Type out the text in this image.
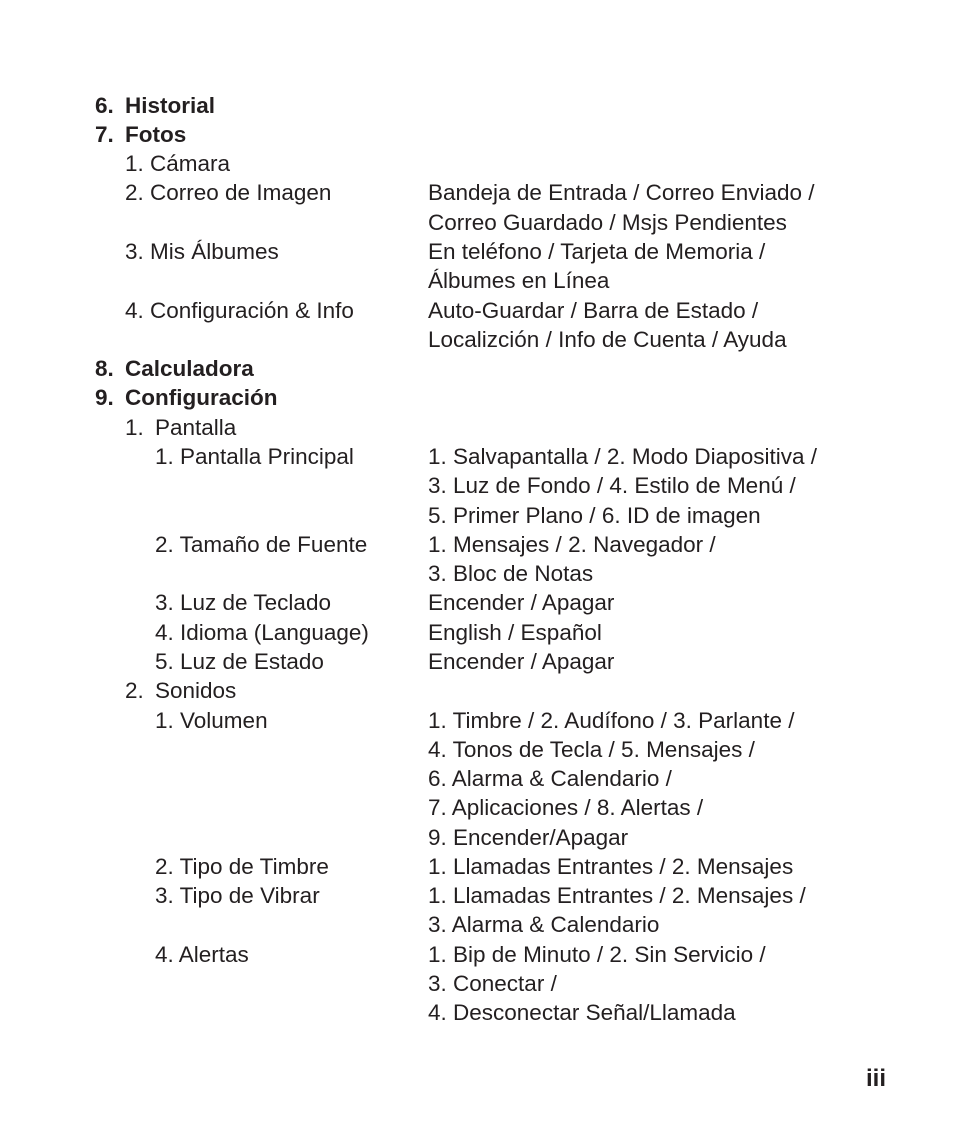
6. Historial
7. Fotos
1. Cámara
2. Correo de Imagen	Bandeja de Entrada / Correo Enviado /
Correo Guardado / Msjs Pendientes
3. Mis Álbumes	En teléfono / Tarjeta de Memoria /
Álbumes en Línea
4. Configuración & Info	Auto-Guardar / Barra de Estado /
Localizción / Info de Cuenta / Ayuda
8. Calculadora
9. Configuración
1. Pantalla
1. Pantalla Principal	1. Salvapantalla / 2. Modo Diapositiva /
3. Luz de Fondo / 4. Estilo de Menú /
5. Primer Plano / 6. ID de imagen
2. Tamaño de Fuente	1. Mensajes / 2. Navegador /
3. Bloc de Notas
3. Luz de Teclado	Encender / Apagar
4. Idioma (Language)	English / Español
5. Luz de Estado	Encender / Apagar
2. Sonidos
1. Volumen	1. Timbre / 2. Audífono / 3. Parlante /
4. Tonos de Tecla / 5. Mensajes /
6. Alarma & Calendario /
7. Aplicaciones / 8. Alertas /
9. Encender/Apagar
2. Tipo de Timbre	1. Llamadas Entrantes / 2. Mensajes
3. Tipo de Vibrar	1. Llamadas Entrantes / 2. Mensajes /
3. Alarma & Calendario
4. Alertas	1. Bip de Minuto / 2. Sin Servicio /
3. Conectar /
4. Desconectar Señal/Llamada
iii
